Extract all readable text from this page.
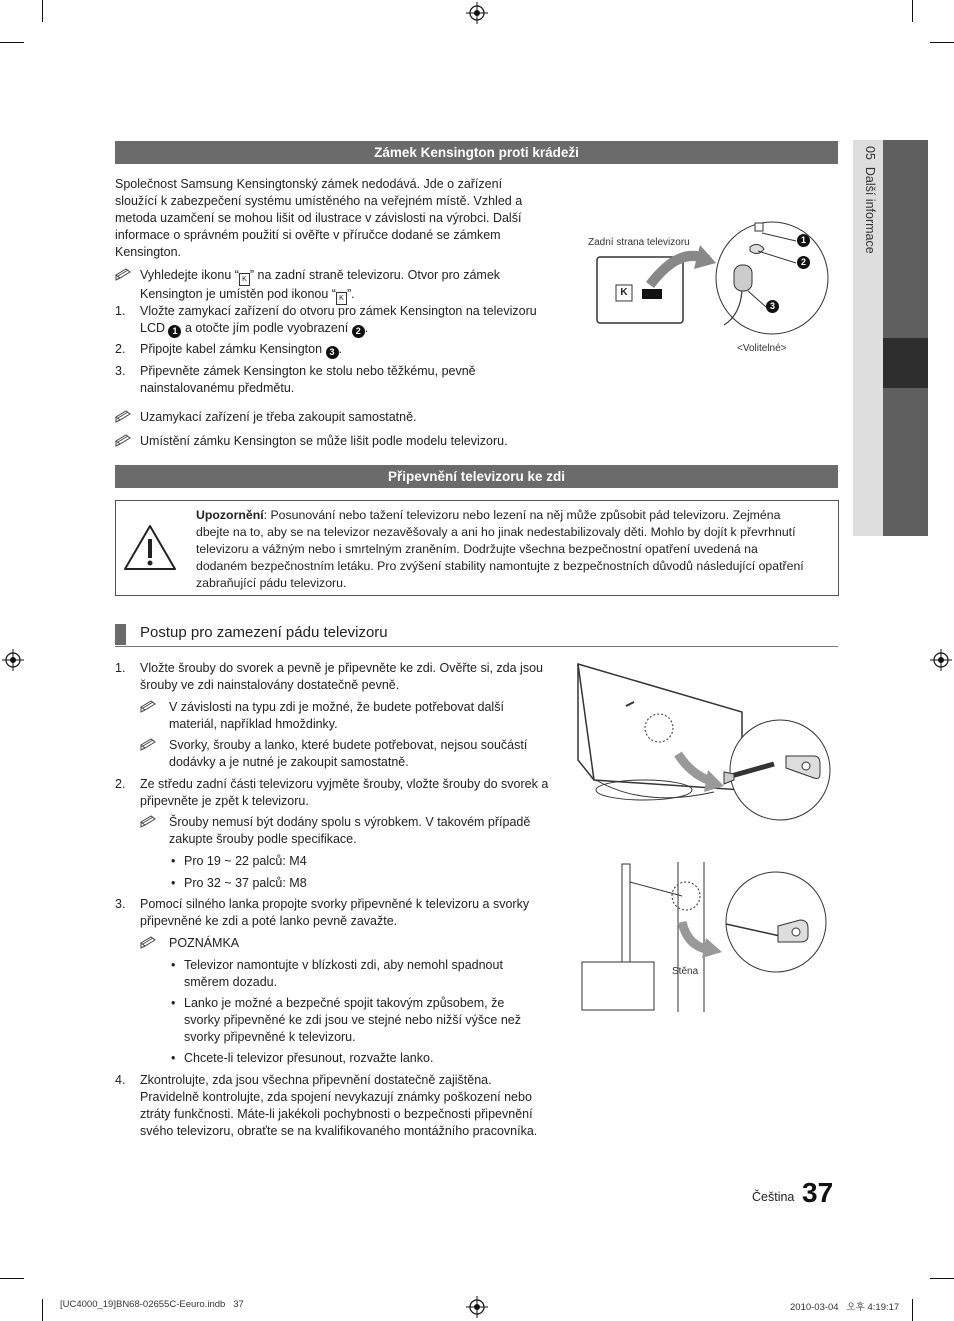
05  Další informace
Zámek Kensington proti krádeži
Společnost Samsung Kensingtonský zámek nedodává. Jde o zařízení
sloužící k zabezpečení systému umístěného na veřejném místě. Vzhled a
metoda uzamčení se mohou lišit od ilustrace v závislosti na výrobci. Další
informace o správném použití si ověřte v příručce dodané se zámkem
Kensington.
Vyhledejte ikonu “ K ” na zadní straně televizoru. Otvor pro zámek
Kensington je umístěn pod ikonou “ K ”.
1. Vložte zamykací zařízení do otvoru pro zámek Kensington na televizoru
LCD 1 a otočte jím podle vyobrazení 2 .
2. Připojte kabel zámku Kensington 3 .
3. Připevněte zámek Kensington ke stolu nebo těžkému, pevně
nainstalovanému předmětu.
Uzamykací zařízení je třeba zakoupit samostatně.
Umístění zámku Kensington se může lišit podle modelu televizoru.
Zadní strana televizoru
<Volitelné>
K
1
2
3
Připevnění televizoru ke zdi
Upozornění: Posunování nebo tažení televizoru nebo lezení na něj může způsobit pád televizoru. Zejména
dbejte na to, aby se na televizor nezavěšovaly a ani ho jinak nedestabilizovaly děti. Mohlo by dojít k převrhnutí
televizoru a vážným nebo i smrtelným zraněním. Dodržujte všechna bezpečnostní opatření uvedená na
dodaném bezpečnostním letáku. Pro zvýšení stability namontujte z bezpečnostních důvodů následující opatření
zabraňující pádu televizoru.
Postup pro zamezení pádu televizoru
1. Vložte šrouby do svorek a pevně je připevněte ke zdi. Ověřte si, zda jsou
šrouby ve zdi nainstalovány dostatečně pevně.
V závislosti na typu zdi je možné, že budete potřebovat další
materiál, například hmoždinky.
Svorky, šrouby a lanko, které budete potřebovat, nejsou součástí
dodávky a je nutné je zakoupit samostatně.
2. Ze středu zadní části televizoru vyjměte šrouby, vložte šrouby do svorek a
připevněte je zpět k televizoru.
Šrouby nemusí být dodány spolu s výrobkem. V takovém případě
zakupte šrouby podle specifikace.
• Pro 19 ~ 22 palců: M4
• Pro 32 ~ 37 palců: M8
3. Pomocí silného lanka propojte svorky připevněné k televizoru a svorky
připevněné ke zdi a poté lanko pevně zavažte.
POZNÁMKA
• Televizor namontujte v blízkosti zdi, aby nemohl spadnout
směrem dozadu.
• Lanko je možné a bezpečné spojit takovým způsobem, že
svorky připevněné ke zdi jsou ve stejné nebo nižší výšce než
svorky připevněné k televizoru.
• Chcete-li televizor přesunout, rozvažte lanko.
4. Zkontrolujte, zda jsou všechna připevnění dostatečně zajištěna.
Pravidelně kontrolujte, zda spojení nevykazují známky poškození nebo
ztráty funkčnosti. Máte-li jakékoli pochybnosti o bezpečnosti připevnění
svého televizoru, obraťte se na kvalifikovaného montážního pracovníka.
Stěna
Čeština 37
[UC4000_19]BN68-02655C-Eeuro.indb   37	2010-03-04   오후 4:19:17
